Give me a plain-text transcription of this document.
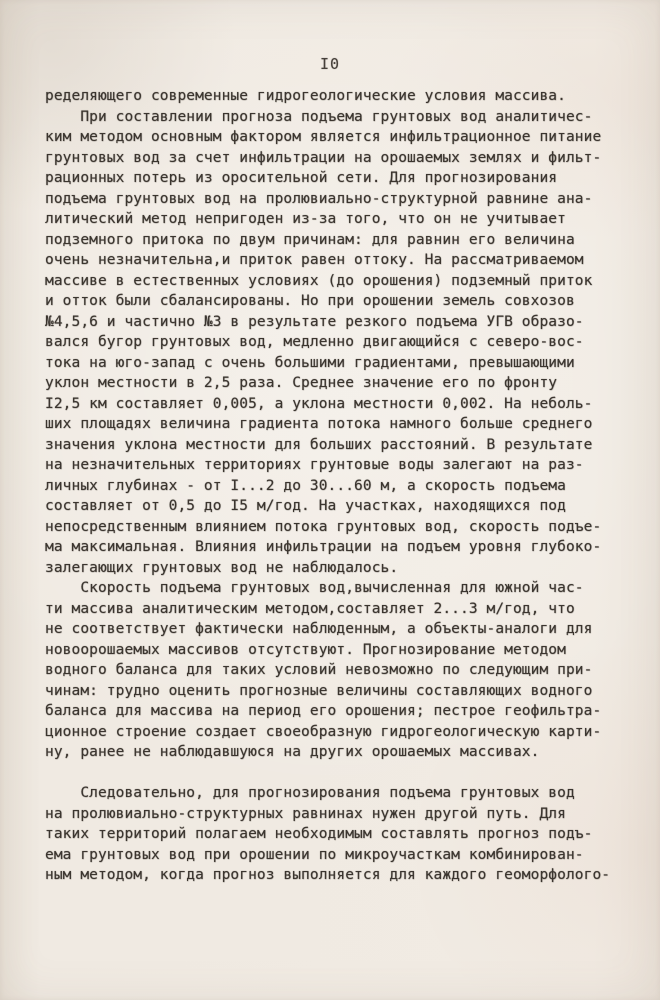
I0
ределяющего современные гидрогеологические условия массива.
При составлении прогноза подъема грунтовых вод аналитичес-
ким методом основным фактором является инфильтрационное питание
грунтовых вод за счет инфильтрации на орошаемых землях и фильт-
рационных потерь из оросительной сети. Для прогнозирования
подъема грунтовых вод на пролювиально-структурной равнине ана-
литический метод непригоден из-за того, что он не учитывает
подземного притока по двум причинам: для равнин его величина
очень незначительна,и приток равен оттоку. На рассматриваемом
массиве в естественных условиях (до орошения) подземный приток
и отток были сбалансированы. Но при орошении земель совхозов
№4,5,6 и частично №3 в результате резкого подъема УГВ образо-
вался бугор грунтовых вод, медленно двигающийся с северо-вос-
тока на юго-запад с очень большими градиентами, превышающими
уклон местности в 2,5 раза. Среднее значение его по фронту
I2,5 км составляет 0,005, а уклона местности 0,002. На неболь-
ших площадях величина градиента потока намного больше среднего
значения уклона местности для больших расстояний. В результате
на незначительных территориях грунтовые воды залегают на раз-
личных глубинах - от I...2 до 30...60 м, а скорость подъема
составляет от 0,5 до I5 м/год. На участках, находящихся под
непосредственным влиянием потока грунтовых вод, скорость подъе-
ма максимальная. Влияния инфильтрации на подъем уровня глубоко-
залегающих грунтовых вод не наблюдалось.
Скорость подъема грунтовых вод,вычисленная для южной час-
ти массива аналитическим методом,составляет 2...3 м/год, что
не соответствует фактически наблюденным, а объекты-аналоги для
новоорошаемых массивов отсутствуют. Прогнозирование методом
водного баланса для таких условий невозможно по следующим при-
чинам: трудно оценить прогнозные величины составляющих водного
баланса для массива на период его орошения; пестрое геофильтра-
ционное строение создает своеобразную гидрогеологическую карти-
ну, ранее не наблюдавшуюся на других орошаемых массивах.
Следовательно, для прогнозирования подъема грунтовых вод
на пролювиально-структурных равнинах нужен другой путь. Для
таких территорий полагаем необходимым составлять прогноз подъ-
ема грунтовых вод при орошении по микроучасткам комбинирован-
ным методом, когда прогноз выполняется для каждого геоморфолого-
